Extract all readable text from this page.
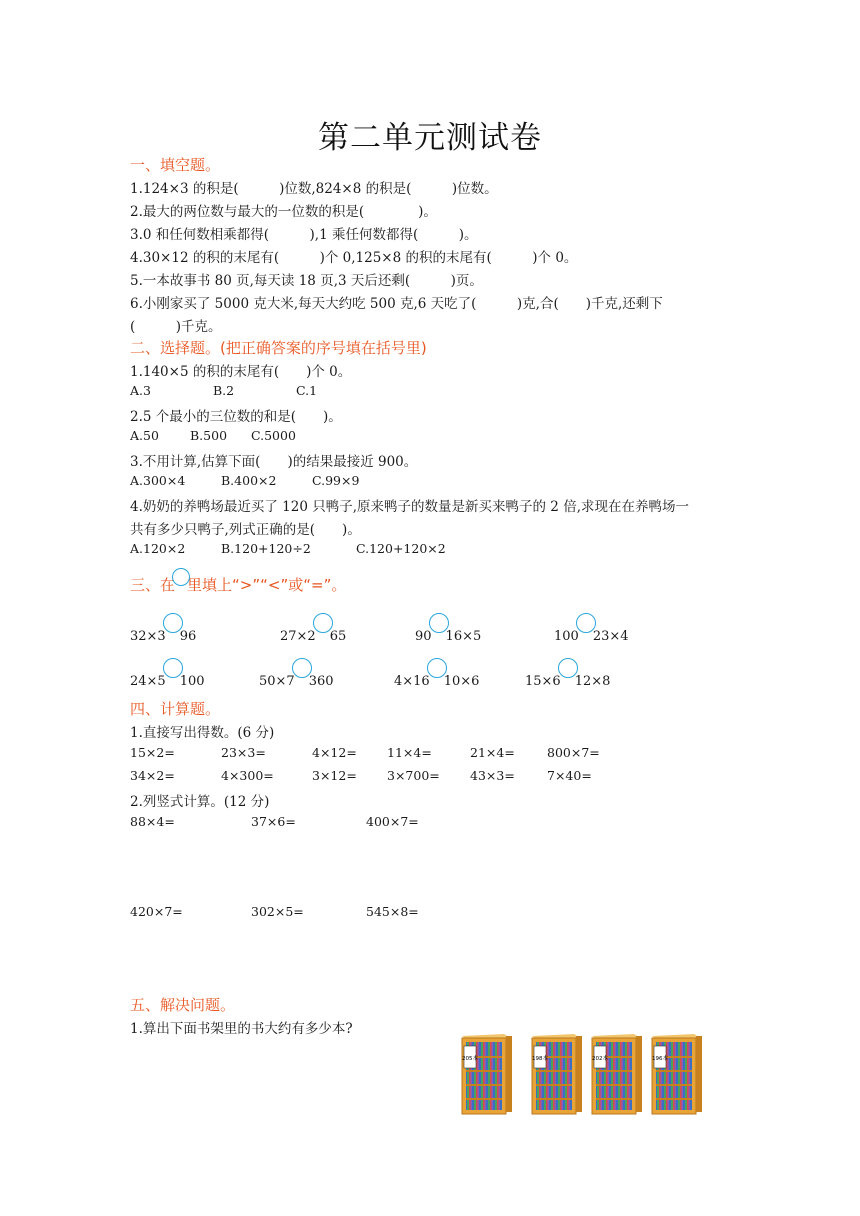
第二单元测试卷
一、填空题。
1.124×3 的积是(　　　)位数,824×8 的积是(　　　)位数。
2.最大的两位数与最大的一位数的积是(　　　　)。
3.0 和任何数相乘都得(　　　),1 乘任何数都得(　　　)。
4.30×12 的积的末尾有(　　　)个 0,125×8 的积的末尾有(　　　)个 0。
5.一本故事书 80 页,每天读 18 页,3 天后还剩(　　　)页。
6.小刚家买了 5000 克大米,每天大约吃 500 克,6 天吃了(　　　)克,合(　　)千克,还剩下
(　　　)千克。
二、选择题。(把正确答案的序号填在括号里)
1.140×5 的积的末尾有(　　)个 0。
A.3	B.2	C.1
2.5 个最小的三位数的和是(　　)。
A.50 B.500 C.5000
3.不用计算,估算下面(　　)的结果最接近 900。
A.300×4	B.400×2	C.99×9
4.奶奶的养鸭场最近买了 120 只鸭子,原来鸭子的数量是新买来鸭子的 2 倍,求现在在养鸭场一
共有多少只鸭子,列式正确的是(　　)。
A.120×2	B.120+120÷2	C.120+120×2
三、在 里填上“>”“<”或“=”。
32×3 96	27×2 65	90 16×5	100 23×4
24×5 100	50×7 360	4×16 10×6	15×6 12×8
四、计算题。
1.直接写出得数。(6 分)
15×2=	23×3=	4×12= 11×4=	21×4=	800×7=
34×2=	4×300=	3×12= 3×700= 43×3=	7×40=
2.列竖式计算。(12 分)
88×4=	37×6=	400×7=
420×7=	302×5=	545×8=
五、解决问题。
1.算出下面书架里的书大约有多少本?
205本	198本	202本	196本
